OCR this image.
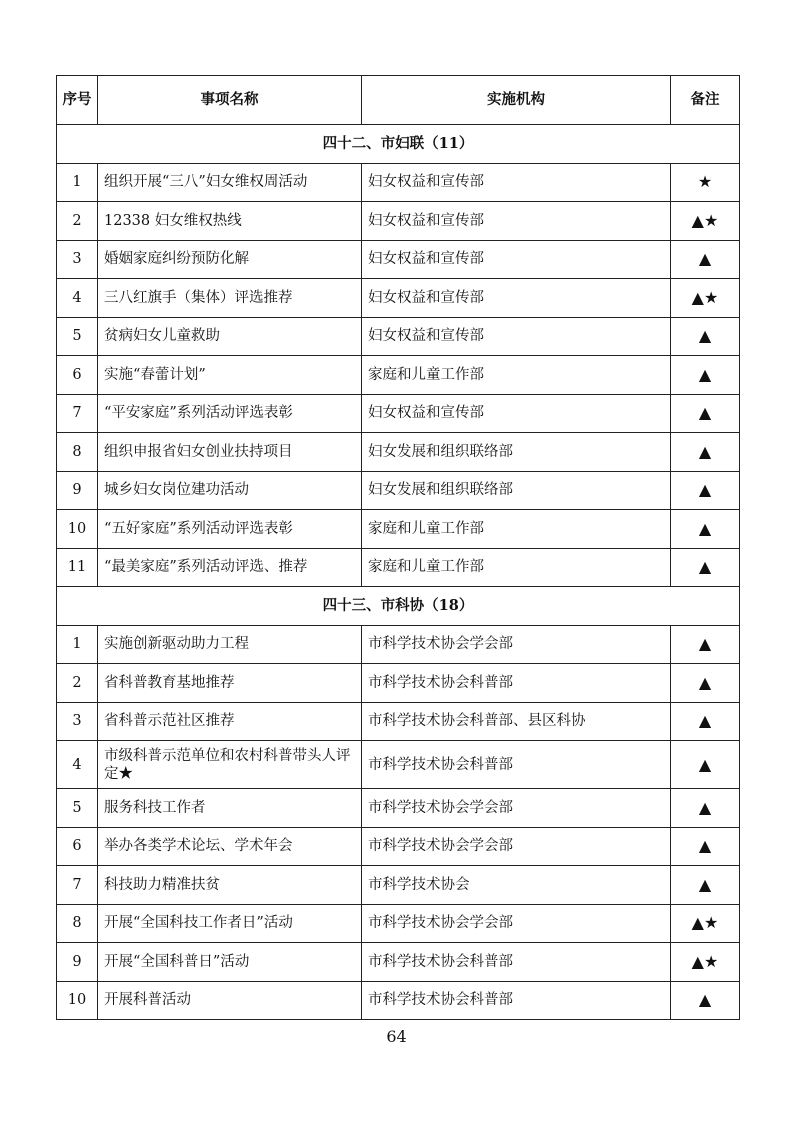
序号	事项名称	实施机构	备注
四十二、市妇联（11）			
1	组织开展“三八”妇女维权周活动	妇女权益和宣传部	★
2	12338 妇女维权热线	妇女权益和宣传部	▲★
3	婚姻家庭纠纷预防化解	妇女权益和宣传部	▲
4	三八红旗手（集体）评选推荐	妇女权益和宣传部	▲★
5	贫病妇女儿童救助	妇女权益和宣传部	▲
6	实施“春蕾计划”	家庭和儿童工作部	▲
7	“平安家庭”系列活动评选表彰	妇女权益和宣传部	▲
8	组织申报省妇女创业扶持项目	妇女发展和组织联络部	▲
9	城乡妇女岗位建功活动	妇女发展和组织联络部	▲
10	“五好家庭”系列活动评选表彰	家庭和儿童工作部	▲
11	“最美家庭”系列活动评选、推荐	家庭和儿童工作部	▲
四十三、市科协（18）			
1	实施创新驱动助力工程	市科学技术协会学会部	▲
2	省科普教育基地推荐	市科学技术协会科普部	▲
3	省科普示范社区推荐	市科学技术协会科普部、县区科协	▲
4	市级科普示范单位和农村科普带头人评定★	市科学技术协会科普部	▲
5	服务科技工作者	市科学技术协会学会部	▲
6	举办各类学术论坛、学术年会	市科学技术协会学会部	▲
7	科技助力精准扶贫	市科学技术协会	▲
8	开展“全国科技工作者日”活动	市科学技术协会学会部	▲★
9	开展“全国科普日”活动	市科学技术协会科普部	▲★
10	开展科普活动	市科学技术协会科普部	▲
64
